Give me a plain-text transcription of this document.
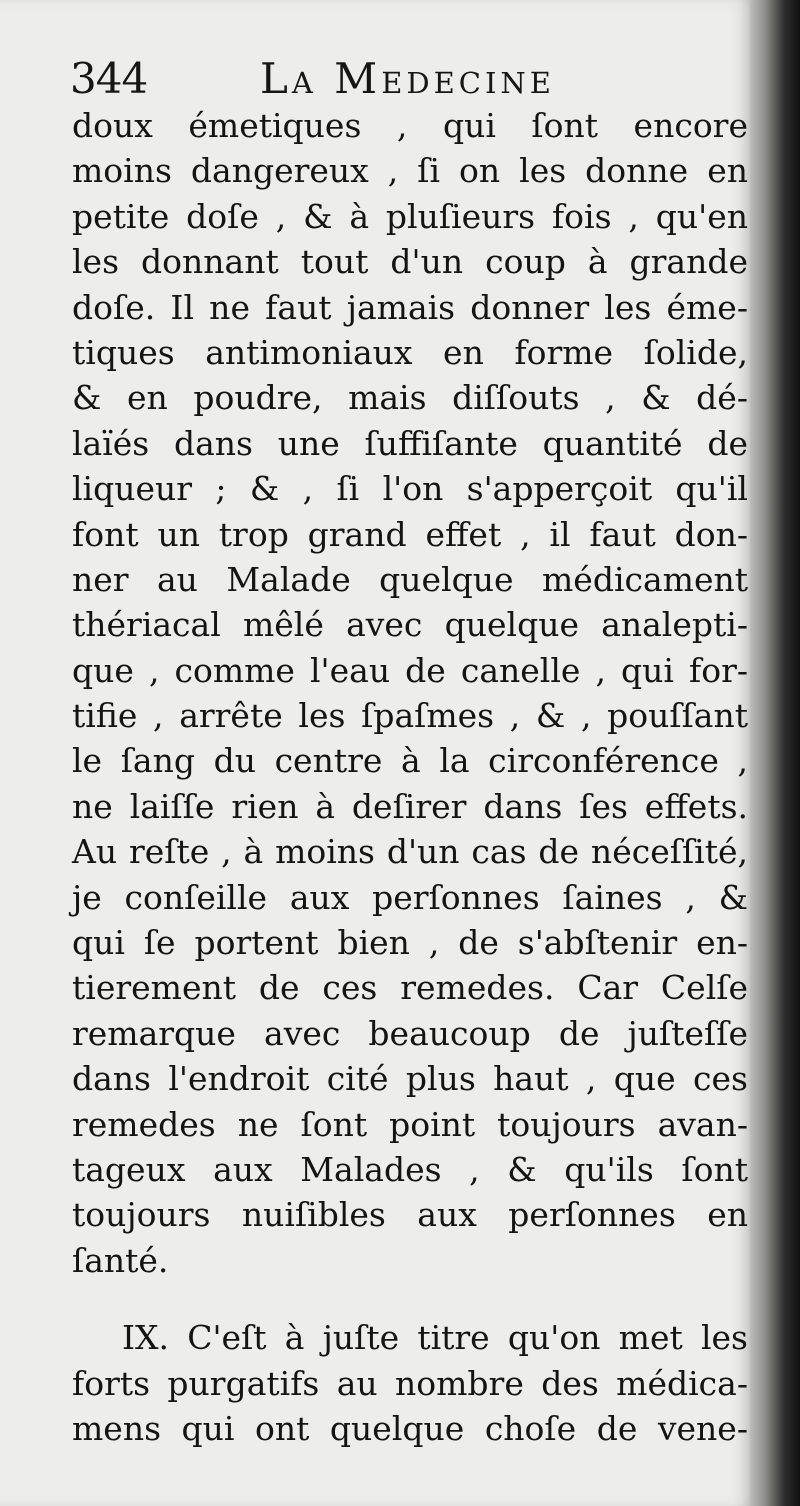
344	La Medecine
doux émetiques , qui ſont encore
moins dangereux , ſi on les donne en
petite doſe , & à pluſieurs fois , qu'en
les donnant tout d'un coup à grande
doſe. Il ne faut jamais donner les éme-
tiques antimoniaux en forme ſolide,
& en poudre, mais diſſouts , & dé-
laïés dans une ſuffiſante quantité de
liqueur ; & , ſi l'on s'apperçoit qu'il
font un trop grand effet , il faut don-
ner au Malade quelque médicament
thériacal mêlé avec quelque analepti-
que , comme l'eau de canelle , qui for-
tifie , arrête les ſpaſmes , & , pouſſant
le ſang du centre à la circonférence ,
ne laiſſe rien à deſirer dans ſes effets.
Au reſte , à moins d'un cas de néceſſité,
je conſeille aux perſonnes ſaines , &
qui ſe portent bien , de s'abſtenir en-
tierement de ces remedes. Car Celſe
remarque avec beaucoup de juſteſſe
dans l'endroit cité plus haut , que ces
remedes ne ſont point toujours avan-
tageux aux Malades , & qu'ils ſont
toujours nuiſibles aux perſonnes en
ſanté.
IX. C'eſt à juſte titre qu'on met les
forts purgatifs au nombre des médica-
mens qui ont quelque choſe de vene-
